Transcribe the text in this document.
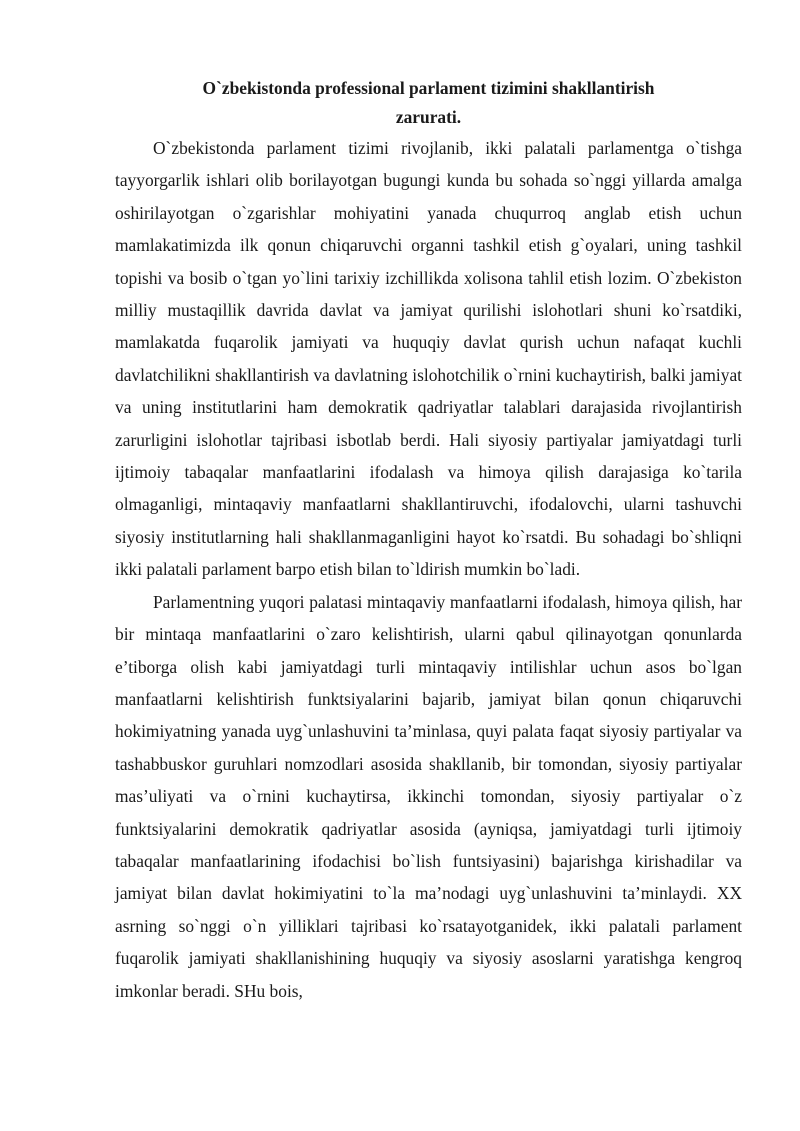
O`zbekistonda professional parlament tizimini shakllantirish
zarurati.

O`zbekistonda parlament tizimi rivojlanib, ikki palatali parlamentga o`tishga tayyorgarlik ishlari olib borilayotgan bugungi kunda bu sohada so`nggi yillarda amalga oshirilayotgan o`zgarishlar mohiyatini yanada chuqurroq anglab etish uchun mamlakatimizda ilk qonun chiqaruvchi organni tashkil etish g`oyalari, uning tashkil topishi va bosib o`tgan yo`lini tarixiy izchillikda xolisona tahlil etish lozim. O`zbekiston milliy mustaqillik davrida davlat va jamiyat qurilishi islohotlari shuni ko`rsatdiki, mamlakatda fuqarolik jamiyati va huquqiy davlat qurish uchun nafaqat kuchli davlatchilikni shakllantirish va davlatning islohotchilik o`rnini kuchaytirish, balki jamiyat va uning institutlarini ham demokratik qadriyatlar talablari darajasida rivojlantirish zarurligini islohotlar tajribasi isbotlab berdi. Hali siyosiy partiyalar jamiyatdagi turli ijtimoiy tabaqalar manfaatlarini ifodalash va himoya qilish darajasiga ko`tarila olmaganligi, mintaqaviy manfaatlarni shakllantiruvchi, ifodalovchi, ularni tashuvchi siyosiy institutlarning hali shakllanmaganligini hayot ko`rsatdi. Bu sohadagi bo`shliqni ikki palatali parlament barpo etish bilan to`ldirish mumkin bo`ladi.

Parlamentning yuqori palatasi mintaqaviy manfaatlarni ifodalash, himoya qilish, har bir mintaqa manfaatlarini o`zaro kelishtirish, ularni qabul qilinayotgan qonunlarda e’tiborga olish kabi jamiyatdagi turli mintaqaviy intilishlar uchun asos bo`lgan manfaatlarni kelishtirish funktsiyalarini bajarib, jamiyat bilan qonun chiqaruvchi hokimiyatning yanada uyg`unlashuvini ta’minlasa, quyi palata faqat siyosiy partiyalar va tashabbuskor guruhlari nomzodlari asosida shakllanib, bir tomondan, siyosiy partiyalar mas’uliyati va o`rnini kuchaytirsa, ikkinchi tomondan, siyosiy partiyalar o`z funktsiyalarini demokratik qadriyatlar asosida (ayniqsa, jamiyatdagi turli ijtimoiy tabaqalar manfaatlarining ifodachisi bo`lish funtsiyasini) bajarishga kirishadilar va jamiyat bilan davlat hokimiyatini to`la ma’nodagi uyg`unlashuvini ta’minlaydi. XX asrning so`nggi o`n yilliklari tajribasi ko`rsatayotganidek, ikki palatali parlament fuqarolik jamiyati shakllanishining huquqiy va siyosiy asoslarni yaratishga kengroq imkonlar beradi. SHu bois,
